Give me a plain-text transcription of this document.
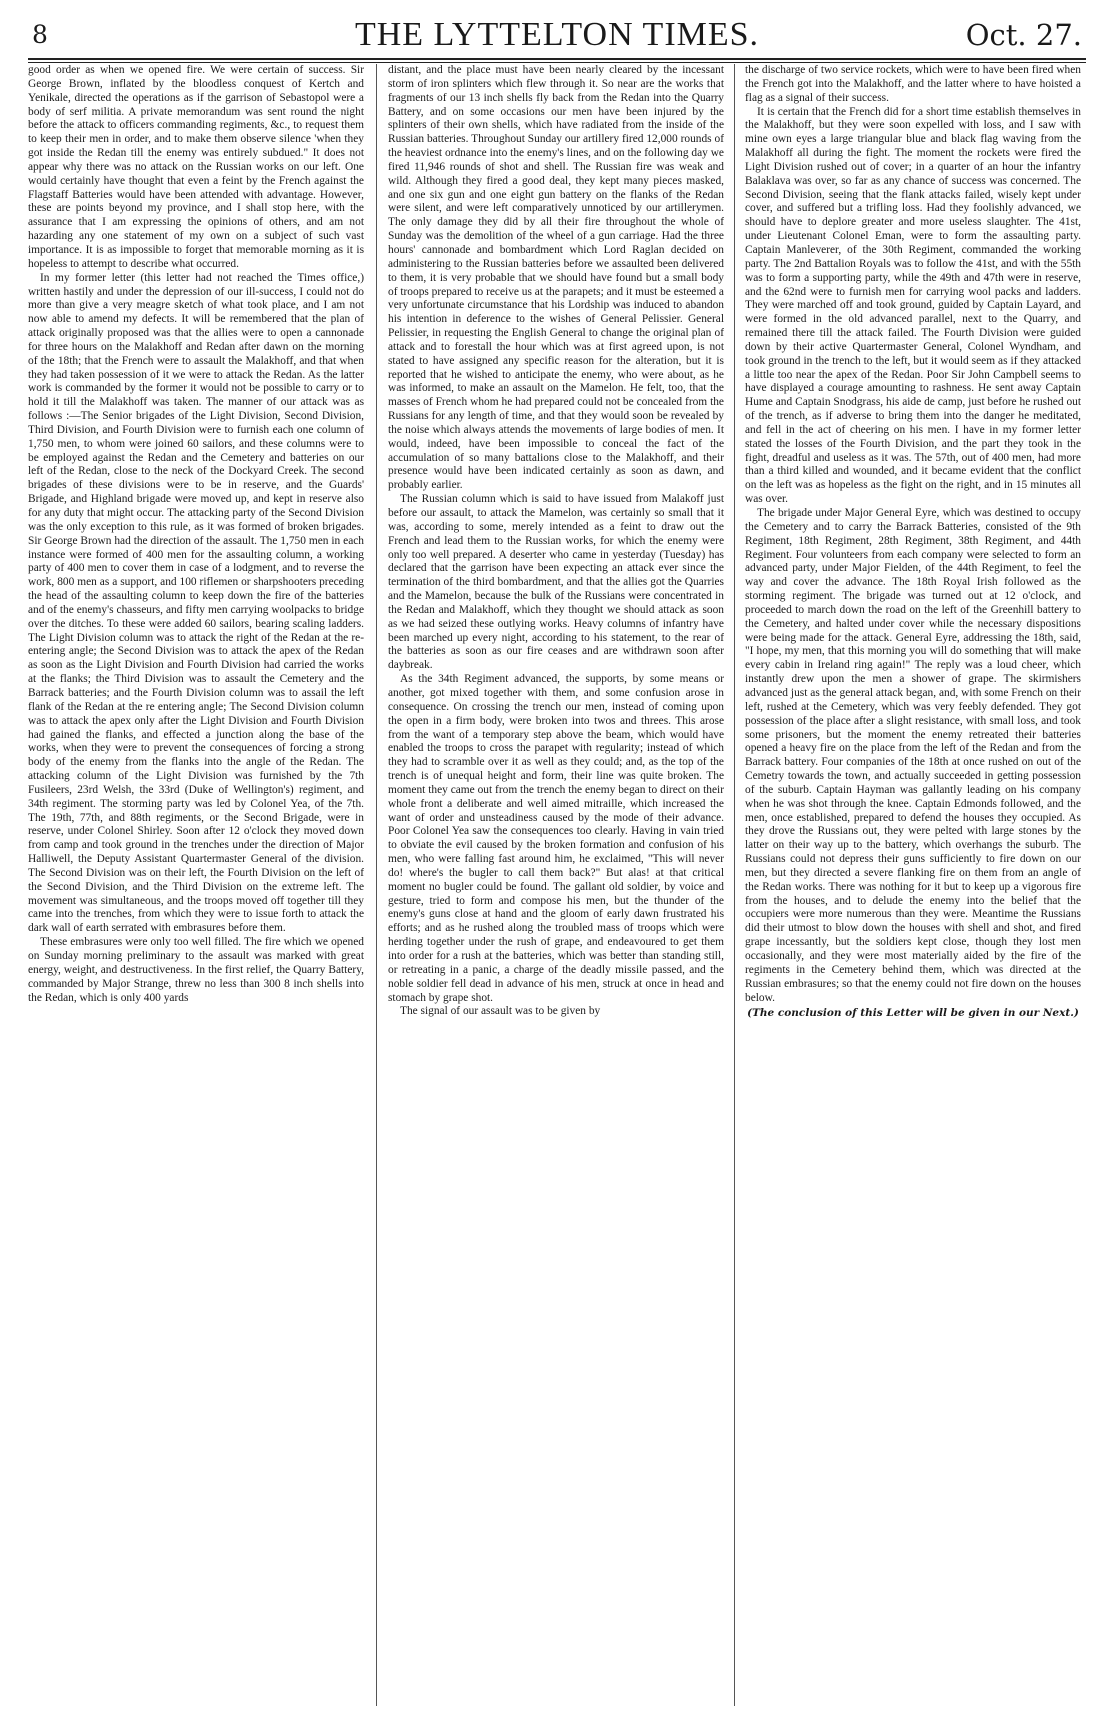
8	THE LYTTELTON TIMES.	Oct. 27.

good order as when we opened fire. We were certain of success. Sir George Brown, inflated by the bloodless conquest of Kertch and Yenikale, directed the operations as if the garrison of Sebastopol were a body of serf militia. A private memorandum was sent round the night before the attack to officers commanding regiments, &c., to request them to keep their men in order, and to make them observe silence 'when they got inside the Redan till the enemy was entirely subdued." It does not appear why there was no attack on the Russian works on our left. One would certainly have thought that even a feint by the French against the Flagstaff Batteries would have been attended with advantage. However, these are points beyond my province, and I shall stop here, with the assurance that I am expressing the opinions of others, and am not hazarding any one statement of my own on a subject of such vast importance. It is as impossible to forget that memorable morning as it is hopeless to attempt to describe what occurred.

In my former letter (this letter had not reached the Times office,) written hastily and under the depression of our ill-success, I could not do more than give a very meagre sketch of what took place, and I am not now able to amend my defects. It will be remembered that the plan of attack originally proposed was that the allies were to open a cannonade for three hours on the Malakhoff and Redan after dawn on the morning of the 18th; that the French were to assault the Malakhoff, and that when they had taken possession of it we were to attack the Redan. As the latter work is commanded by the former it would not be possible to carry or to hold it till the Malakhoff was taken. The manner of our attack was as follows :—The Senior brigades of the Light Division, Second Division, Third Division, and Fourth Division were to furnish each one column of 1,750 men, to whom were joined 60 sailors, and these columns were to be employed against the Redan and the Cemetery and batteries on our left of the Redan, close to the neck of the Dockyard Creek. The second brigades of these divisions were to be in reserve, and the Guards' Brigade, and Highland brigade were moved up, and kept in reserve also for any duty that might occur. The attacking party of the Second Division was the only exception to this rule, as it was formed of broken brigades. Sir George Brown had the direction of the assault. The 1,750 men in each instance were formed of 400 men for the assaulting column, a working party of 400 men to cover them in case of a lodgment, and to reverse the work, 800 men as a support, and 100 riflemen or sharpshooters preceding the head of the assaulting column to keep down the fire of the batteries and of the enemy's chasseurs, and fifty men carrying woolpacks to bridge over the ditches. To these were added 60 sailors, bearing scaling ladders. The Light Division column was to attack the right of the Redan at the re-entering angle; the Second Division was to attack the apex of the Redan as soon as the Light Division and Fourth Division had carried the works at the flanks; the Third Division was to assault the Cemetery and the Barrack batteries; and the Fourth Division column was to assail the left flank of the Redan at the re entering angle; The Second Division column was to attack the apex only after the Light Division and Fourth Division had gained the flanks, and effected a junction along the base of the works, when they were to prevent the consequences of forcing a strong body of the enemy from the flanks into the angle of the Redan. The attacking column of the Light Division was furnished by the 7th Fusileers, 23rd Welsh, the 33rd (Duke of Wellington's) regiment, and 34th regiment. The storming party was led by Colonel Yea, of the 7th. The 19th, 77th, and 88th regiments, or the Second Brigade, were in reserve, under Colonel Shirley. Soon after 12 o'clock they moved down from camp and took ground in the trenches under the direction of Major Halliwell, the Deputy Assistant Quartermaster General of the division. The Second Division was on their left, the Fourth Division on the left of the Second Division, and the Third Division on the extreme left. The movement was simultaneous, and the troops moved off together till they came into the trenches, from which they were to issue forth to attack the dark wall of earth serrated with embrasures before them.

These embrasures were only too well filled. The fire which we opened on Sunday morning preliminary to the assault was marked with great energy, weight, and destructiveness. In the first relief, the Quarry Battery, commanded by Major Strange, threw no less than 300 8 inch shells into the Redan, which is only 400 yards

distant, and the place must have been nearly cleared by the incessant storm of iron splinters which flew through it. So near are the works that fragments of our 13 inch shells fly back from the Redan into the Quarry Battery, and on some occasions our men have been injured by the splinters of their own shells, which have radiated from the inside of the Russian batteries. Throughout Sunday our artillery fired 12,000 rounds of the heaviest ordnance into the enemy's lines, and on the following day we fired 11,946 rounds of shot and shell. The Russian fire was weak and wild. Although they fired a good deal, they kept many pieces masked, and one six gun and one eight gun battery on the flanks of the Redan were silent, and were left comparatively unnoticed by our artillerymen. The only damage they did by all their fire throughout the whole of Sunday was the demolition of the wheel of a gun carriage. Had the three hours' cannonade and bombardment which Lord Raglan decided on administering to the Russian batteries before we assaulted been delivered to them, it is very probable that we should have found but a small body of troops prepared to receive us at the parapets; and it must be esteemed a very unfortunate circumstance that his Lordship was induced to abandon his intention in deference to the wishes of General Pelissier. General Pelissier, in requesting the English General to change the original plan of attack and to forestall the hour which was at first agreed upon, is not stated to have assigned any specific reason for the alteration, but it is reported that he wished to anticipate the enemy, who were about, as he was informed, to make an assault on the Mamelon. He felt, too, that the masses of French whom he had prepared could not be concealed from the Russians for any length of time, and that they would soon be revealed by the noise which always attends the movements of large bodies of men. It would, indeed, have been impossible to conceal the fact of the accumulation of so many battalions close to the Malakhoff, and their presence would have been indicated certainly as soon as dawn, and probably earlier.

The Russian column which is said to have issued from Malakoff just before our assault, to attack the Mamelon, was certainly so small that it was, according to some, merely intended as a feint to draw out the French and lead them to the Russian works, for which the enemy were only too well prepared. A deserter who came in yesterday (Tuesday) has declared that the garrison have been expecting an attack ever since the termination of the third bombardment, and that the allies got the Quarries and the Mamelon, because the bulk of the Russians were concentrated in the Redan and Malakhoff, which they thought we should attack as soon as we had seized these outlying works. Heavy columns of infantry have been marched up every night, according to his statement, to the rear of the batteries as soon as our fire ceases and are withdrawn soon after daybreak.

As the 34th Regiment advanced, the supports, by some means or another, got mixed together with them, and some confusion arose in consequence. On crossing the trench our men, instead of coming upon the open in a firm body, were broken into twos and threes. This arose from the want of a temporary step above the beam, which would have enabled the troops to cross the parapet with regularity; instead of which they had to scramble over it as well as they could; and, as the top of the trench is of unequal height and form, their line was quite broken. The moment they came out from the trench the enemy began to direct on their whole front a deliberate and well aimed mitraille, which increased the want of order and unsteadiness caused by the mode of their advance. Poor Colonel Yea saw the consequences too clearly. Having in vain tried to obviate the evil caused by the broken formation and confusion of his men, who were falling fast around him, he exclaimed, "This will never do! where's the bugler to call them back?" But alas! at that critical moment no bugler could be found. The gallant old soldier, by voice and gesture, tried to form and compose his men, but the thunder of the enemy's guns close at hand and the gloom of early dawn frustrated his efforts; and as he rushed along the troubled mass of troops which were herding together under the rush of grape, and endeavoured to get them into order for a rush at the batteries, which was better than standing still, or retreating in a panic, a charge of the deadly missile passed, and the noble soldier fell dead in advance of his men, struck at once in head and stomach by grape shot.

The signal of our assault was to be given by

the discharge of two service rockets, which were to have been fired when the French got into the Malakhoff, and the latter where to have hoisted a flag as a signal of their success.

It is certain that the French did for a short time establish themselves in the Malakhoff, but they were soon expelled with loss, and I saw with mine own eyes a large triangular blue and black flag waving from the Malakhoff all during the fight. The moment the rockets were fired the Light Division rushed out of cover; in a quarter of an hour the infantry Balaklava was over, so far as any chance of success was concerned. The Second Division, seeing that the flank attacks failed, wisely kept under cover, and suffered but a trifling loss. Had they foolishly advanced, we should have to deplore greater and more useless slaughter. The 41st, under Lieutenant Colonel Eman, were to form the assaulting party. Captain Manleverer, of the 30th Regiment, commanded the working party. The 2nd Battalion Royals was to follow the 41st, and with the 55th was to form a supporting party, while the 49th and 47th were in reserve, and the 62nd were to furnish men for carrying wool packs and ladders. They were marched off and took ground, guided by Captain Layard, and were formed in the old advanced parallel, next to the Quarry, and remained there till the attack failed. The Fourth Division were guided down by their active Quartermaster General, Colonel Wyndham, and took ground in the trench to the left, but it would seem as if they attacked a little too near the apex of the Redan. Poor Sir John Campbell seems to have displayed a courage amounting to rashness. He sent away Captain Hume and Captain Snodgrass, his aide de camp, just before he rushed out of the trench, as if adverse to bring them into the danger he meditated, and fell in the act of cheering on his men. I have in my former letter stated the losses of the Fourth Division, and the part they took in the fight, dreadful and useless as it was. The 57th, out of 400 men, had more than a third killed and wounded, and it became evident that the conflict on the left was as hopeless as the fight on the right, and in 15 minutes all was over.

The brigade under Major General Eyre, which was destined to occupy the Cemetery and to carry the Barrack Batteries, consisted of the 9th Regiment, 18th Regiment, 28th Regiment, 38th Regiment, and 44th Regiment. Four volunteers from each company were selected to form an advanced party, under Major Fielden, of the 44th Regiment, to feel the way and cover the advance. The 18th Royal Irish followed as the storming regiment. The brigade was turned out at 12 o'clock, and proceeded to march down the road on the left of the Greenhill battery to the Cemetery, and halted under cover while the necessary dispositions were being made for the attack. General Eyre, addressing the 18th, said, "I hope, my men, that this morning you will do something that will make every cabin in Ireland ring again!" The reply was a loud cheer, which instantly drew upon the men a shower of grape. The skirmishers advanced just as the general attack began, and, with some French on their left, rushed at the Cemetery, which was very feebly defended. They got possession of the place after a slight resistance, with small loss, and took some prisoners, but the moment the enemy retreated their batteries opened a heavy fire on the place from the left of the Redan and from the Barrack battery. Four companies of the 18th at once rushed on out of the Cemetry towards the town, and actually succeeded in getting possession of the suburb. Captain Hayman was gallantly leading on his company when he was shot through the knee. Captain Edmonds followed, and the men, once established, prepared to defend the houses they occupied. As they drove the Russians out, they were pelted with large stones by the latter on their way up to the battery, which overhangs the suburb. The Russians could not depress their guns sufficiently to fire down on our men, but they directed a severe flanking fire on them from an angle of the Redan works. There was nothing for it but to keep up a vigorous fire from the houses, and to delude the enemy into the belief that the occupiers were more numerous than they were. Meantime the Russians did their utmost to blow down the houses with shell and shot, and fired grape incessantly, but the soldiers kept close, though they lost men occasionally, and they were most materially aided by the fire of the regiments in the Cemetery behind them, which was directed at the Russian embrasures; so that the enemy could not fire down on the houses below.

(The conclusion of this Letter will be given in our Next.)
